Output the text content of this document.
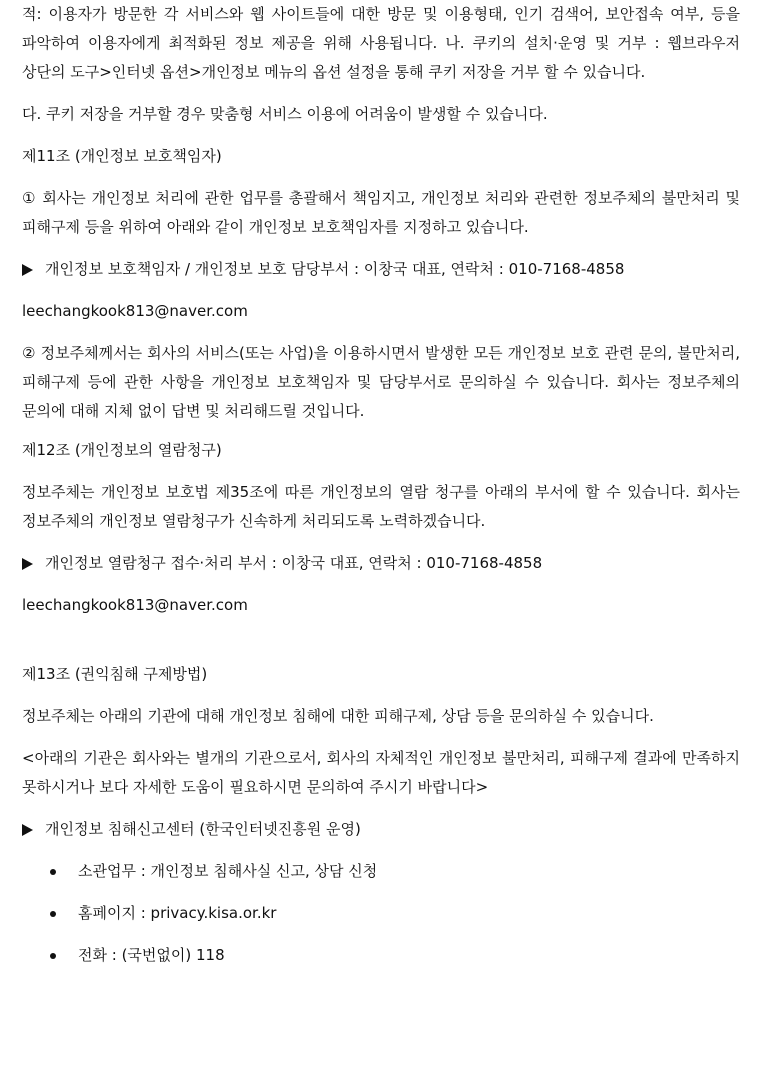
적: 이용자가 방문한 각 서비스와 웹 사이트들에 대한 방문 및 이용형태, 인기 검색어, 보안접속 여부, 등을 파악하여 이용자에게 최적화된 정보 제공을 위해 사용됩니다. 나. 쿠키의 설치·운영 및 거부 : 웹브라우저 상단의 도구>인터넷 옵션>개인정보 메뉴의 옵션 설정을 통해 쿠키 저장을 거부 할 수 있습니다.

다. 쿠키 저장을 거부할 경우 맞춤형 서비스 이용에 어려움이 발생할 수 있습니다.

제11조 (개인정보 보호책임자)

① 회사는 개인정보 처리에 관한 업무를 총괄해서 책임지고, 개인정보 처리와 관련한 정보주체의 불만처리 및 피해구제 등을 위하여 아래와 같이 개인정보 보호책임자를 지정하고 있습니다.

개인정보 보호책임자 / 개인정보 보호 담당부서 : 이창국 대표, 연락처 : 010-7168-4858

leechangkook813@naver.com

② 정보주체께서는 회사의 서비스(또는 사업)을 이용하시면서 발생한 모든 개인정보 보호 관련 문의, 불만처리, 피해구제 등에 관한 사항을 개인정보 보호책임자 및 담당부서로 문의하실 수 있습니다. 회사는 정보주체의 문의에 대해 지체 없이 답변 및 처리해드릴 것입니다.

제12조 (개인정보의 열람청구)

정보주체는 개인정보 보호법 제35조에 따른 개인정보의 열람 청구를 아래의 부서에 할 수 있습니다. 회사는 정보주체의 개인정보 열람청구가 신속하게 처리되도록 노력하겠습니다.

개인정보 열람청구 접수·처리 부서 : 이창국 대표, 연락처 : 010-7168-4858

leechangkook813@naver.com

제13조 (권익침해 구제방법)

정보주체는 아래의 기관에 대해 개인정보 침해에 대한 피해구제, 상담 등을 문의하실 수 있습니다.

<아래의 기관은 회사와는 별개의 기관으로서, 회사의 자체적인 개인정보 불만처리, 피해구제 결과에 만족하지 못하시거나 보다 자세한 도움이 필요하시면 문의하여 주시기 바랍니다>

개인정보 침해신고센터 (한국인터넷진흥원 운영)

소관업무 : 개인정보 침해사실 신고, 상담 신청

홈페이지 : privacy.kisa.or.kr

전화 : (국번없이) 118
